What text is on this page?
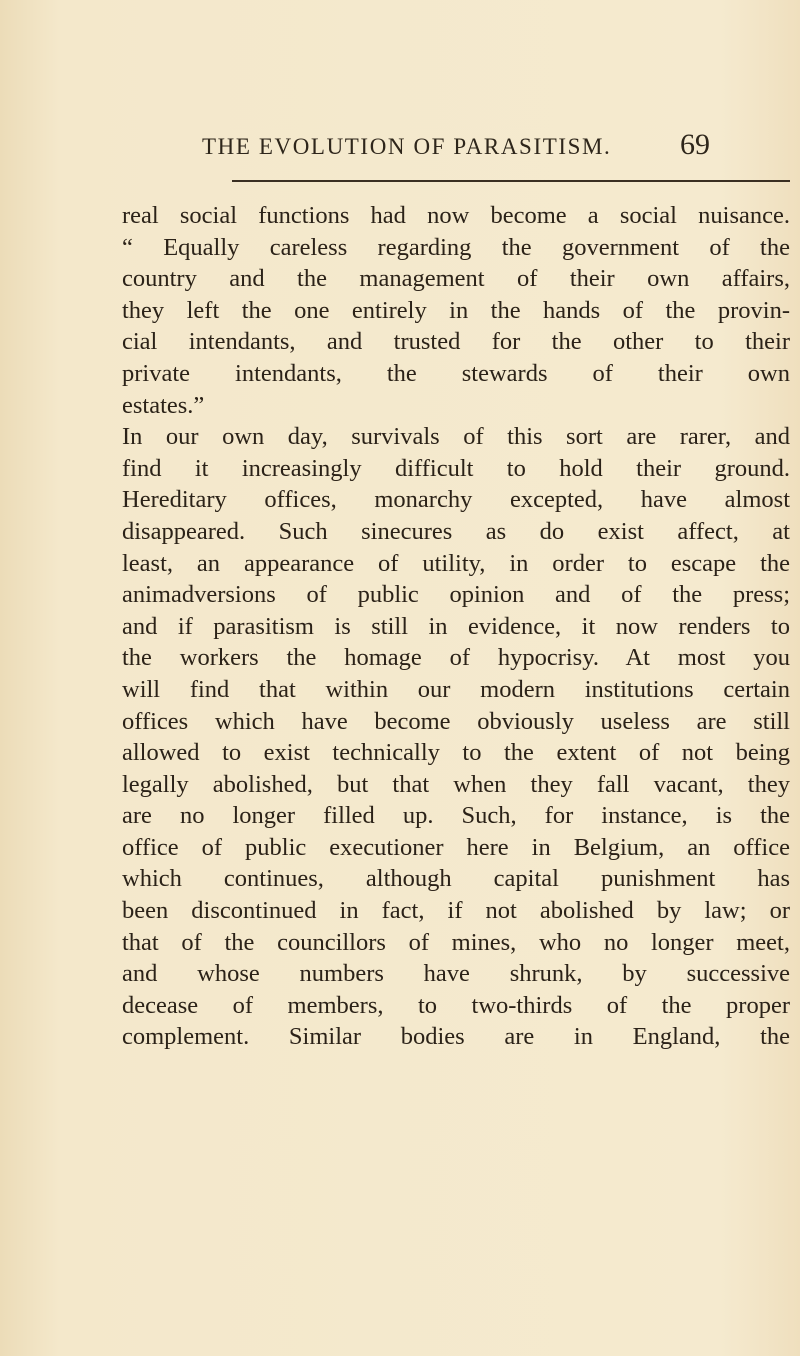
THE EVOLUTION OF PARASITISM. 69
real social functions had now become a social nuisance.
“ Equally careless regarding the government of the
country and the management of their own affairs,
they left the one entirely in the hands of the provin-
cial intendants, and trusted for the other to their
private intendants, the stewards of their own
estates.”
In our own day, survivals of this sort are rarer, and
find it increasingly difficult to hold their ground.
Hereditary offices, monarchy excepted, have almost
disappeared. Such sinecures as do exist affect, at
least, an appearance of utility, in order to escape the
animadversions of public opinion and of the press;
and if parasitism is still in evidence, it now renders to
the workers the homage of hypocrisy. At most you
will find that within our modern institutions certain
offices which have become obviously useless are still
allowed to exist technically to the extent of not being
legally abolished, but that when they fall vacant, they
are no longer filled up. Such, for instance, is the
office of public executioner here in Belgium, an office
which continues, although capital punishment has
been discontinued in fact, if not abolished by law; or
that of the councillors of mines, who no longer meet,
and whose numbers have shrunk, by successive
decease of members, to two-thirds of the proper
complement. Similar bodies are in England, the
